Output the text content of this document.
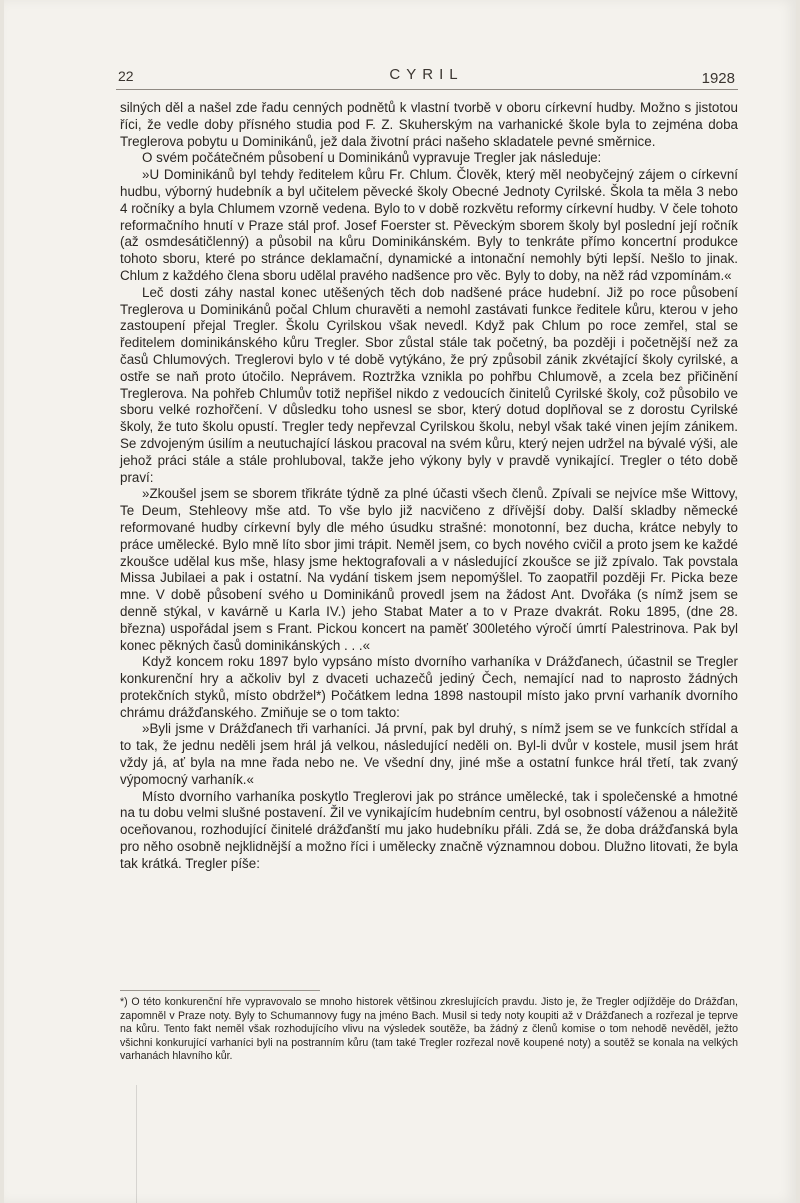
22	CYRIL	1928

silných děl a našel zde řadu cenných podnětů k vlastní tvorbě v oboru církevní hudby. Možno s jistotou říci, že vedle doby přísného studia pod F. Z. Skuherským na varhanické škole byla to zejména doba Treglerova pobytu u Dominikánů, jež dala životní práci našeho skladatele pevné směrnice.

O svém počátečném působení u Dominikánů vypravuje Tregler jak následuje:

»U Dominikánů byl tehdy ředitelem kůru Fr. Chlum. Člověk, který měl neobyčejný zájem o církevní hudbu, výborný hudebník a byl učitelem pěvecké školy Obecné Jednoty Cyrilské. Škola ta měla 3 nebo 4 ročníky a byla Chlumem vzorně vedena. Bylo to v době rozkvětu reformy církevní hudby. V čele tohoto reformačního hnutí v Praze stál prof. Josef Foerster st. Pěveckým sborem školy byl poslední její ročník (až osmdesátičlenný) a působil na kůru Dominikánském. Byly to tenkráte přímo koncertní produkce tohoto sboru, které po stránce deklamační, dynamické a intonační nemohly býti lepší. Nešlo to jinak. Chlum z každého člena sboru udělal pravého nadšence pro věc. Byly to doby, na něž rád vzpomínám.«

Leč dosti záhy nastal konec utěšených těch dob nadšené práce hudební. Již po roce působení Treglerova u Dominikánů počal Chlum churavěti a nemohl zastávati funkce ředitele kůru, kterou v jeho zastoupení přejal Tregler. Školu Cyrilskou však nevedl. Když pak Chlum po roce zemřel, stal se ředitelem dominikánského kůru Tregler. Sbor zůstal stále tak početný, ba později i početnější než za časů Chlumových. Treglerovi bylo v té době vytýkáno, že prý způsobil zánik zkvétající školy cyrilské, a ostře se naň proto útočilo. Neprávem. Roztržka vznikla po pohřbu Chlumově, a zcela bez přičinění Treglerova. Na pohřeb Chlumův totiž nepřišel nikdo z vedoucích činitelů Cyrilské školy, což působilo ve sboru velké rozhořčení. V důsledku toho usnesl se sbor, který dotud doplňoval se z dorostu Cyrilské školy, že tuto školu opustí. Tregler tedy nepřevzal Cyrilskou školu, nebyl však také vinen jejím zánikem. Se zdvojeným úsilím a neutuchající láskou pracoval na svém kůru, který nejen udržel na bývalé výši, ale jehož práci stále a stále prohluboval, takže jeho výkony byly v pravdě vynikající. Tregler o této době praví:

»Zkoušel jsem se sborem třikráte týdně za plné účasti všech členů. Zpívali se nejvíce mše Wittovy, Te Deum, Stehleovy mše atd. To vše bylo již nacvičeno z dřívější doby. Další skladby německé reformované hudby církevní byly dle mého úsudku strašné: monotonní, bez ducha, krátce nebyly to práce umělecké. Bylo mně líto sbor jimi trápit. Neměl jsem, co bych nového cvičil a proto jsem ke každé zkoušce udělal kus mše, hlasy jsme hektografovali a v následující zkoušce se již zpívalo. Tak povstala Missa Jubilaei a pak i ostatní. Na vydání tiskem jsem nepomýšlel. To zaopatřil později Fr. Picka beze mne. V době působení svého u Dominikánů provedl jsem na žádost Ant. Dvořáka (s nímž jsem se denně stýkal, v kavárně u Karla IV.) jeho Stabat Mater a to v Praze dvakrát. Roku 1895, (dne 28. března) uspořádal jsem s Frant. Pickou koncert na paměť 300letého výročí úmrtí Palestrinova. Pak byl konec pěkných časů dominikánských . . .«

Když koncem roku 1897 bylo vypsáno místo dvorního varhaníka v Drážďanech, účastnil se Tregler konkurenční hry a ačkoliv byl z dvaceti uchazečů jediný Čech, nemající nad to naprosto žádných protekčních styků, místo obdržel*) Počátkem ledna 1898 nastoupil místo jako první varhaník dvorního chrámu drážďanského. Zmiňuje se o tom takto:

»Byli jsme v Drážďanech tři varhaníci. Já první, pak byl druhý, s nímž jsem se ve funkcích střídal a to tak, že jednu neděli jsem hrál já velkou, následující neděli on. Byl-li dvůr v kostele, musil jsem hrát vždy já, ať byla na mne řada nebo ne. Ve všední dny, jiné mše a ostatní funkce hrál třetí, tak zvaný výpomocný varhaník.«

Místo dvorního varhaníka poskytlo Treglerovi jak po stránce umělecké, tak i společenské a hmotné na tu dobu velmi slušné postavení. Žil ve vynikajícím hudebním centru, byl osobností váženou a náležitě oceňovanou, rozhodující činitelé drážďanští mu jako hudebníku přáli. Zdá se, že doba drážďanská byla pro něho osobně nejklidnější a možno říci i umělecky značně významnou dobou. Dlužno litovati, že byla tak krátká. Tregler píše:

*) O této konkurenční hře vypravovalo se mnoho historek většinou zkreslujících pravdu. Jisto je, že Tregler odjížděje do Drážďan, zapomněl v Praze noty. Byly to Schumannovy fugy na jméno Bach. Musil si tedy noty koupiti až v Drážďanech a rozřezal je teprve na kůru. Tento fakt neměl však rozhodujícího vlivu na výsledek soutěže, ba žádný z členů komise o tom nehodě nevěděl, ježto všichni konkurující varhaníci byli na postranním kůru (tam také Tregler rozřezal nově koupené noty) a soutěž se konala na velkých varhanách hlavního kůr.
